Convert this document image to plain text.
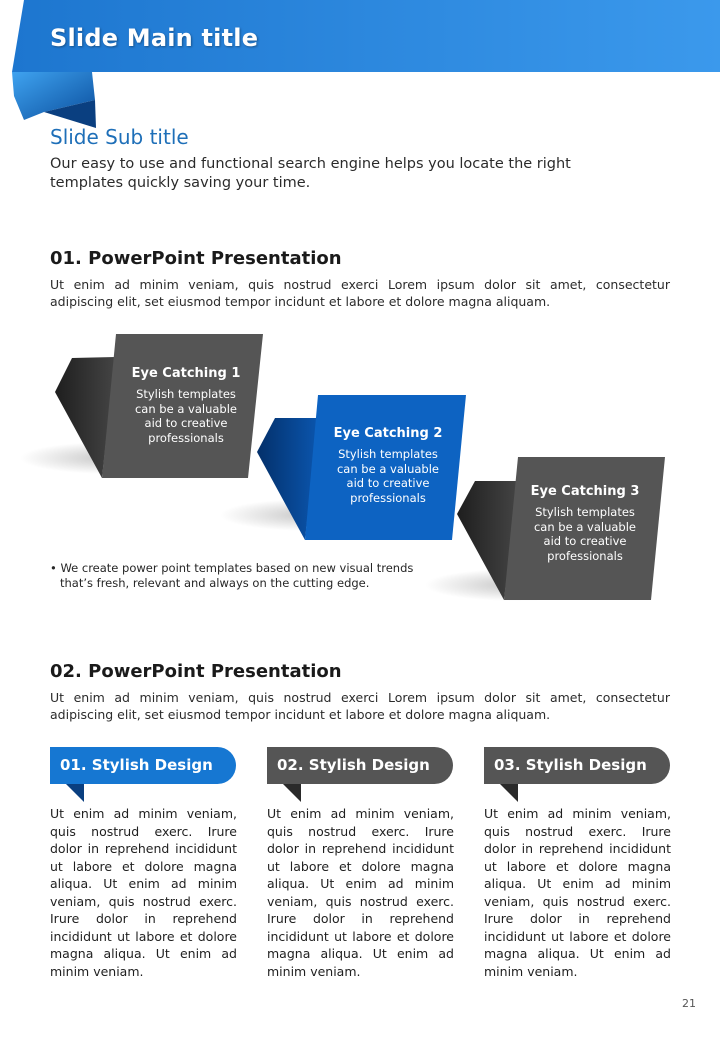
Slide Main title
Slide Sub title
Our easy to use and functional search engine helps you locate the right
templates quickly saving your time.
01. PowerPoint Presentation
Ut enim ad minim veniam, quis nostrud exerci Lorem ipsum dolor sit amet, consectetur
adipiscing elit, set eiusmod tempor incidunt et labore et dolore magna aliquam.
Eye Catching 1
Stylish templates
can be a valuable
aid to creative
professionals	Eye Catching 2
Stylish templates
can be a valuable
aid to creative
professionals	Eye Catching 3
Stylish templates
can be a valuable
aid to creative
professionals
• We create power point templates based on new visual trends
that’s fresh, relevant and always on the cutting edge.
02. PowerPoint Presentation
Ut enim ad minim veniam, quis nostrud exerci Lorem ipsum dolor sit amet, consectetur
adipiscing elit, set eiusmod tempor incidunt et labore et dolore magna aliquam.
01. Stylish Design
Ut enim ad minim veniam, quis nostrud exerc. Irure dolor in reprehend incididunt ut labore et dolore magna aliqua. Ut enim ad minim veniam, quis nostrud exerc. Irure dolor in reprehend incididunt ut labore et dolore magna aliqua. Ut enim ad minim veniam.
02. Stylish Design
Ut enim ad minim veniam, quis nostrud exerc. Irure dolor in reprehend incididunt ut labore et dolore magna aliqua. Ut enim ad minim veniam, quis nostrud exerc. Irure dolor in reprehend incididunt ut labore et dolore magna aliqua. Ut enim ad minim veniam.
03. Stylish Design
Ut enim ad minim veniam, quis nostrud exerc. Irure dolor in reprehend incididunt ut labore et dolore magna aliqua. Ut enim ad minim veniam, quis nostrud exerc. Irure dolor in reprehend incididunt ut labore et dolore magna aliqua. Ut enim ad minim veniam.
21
